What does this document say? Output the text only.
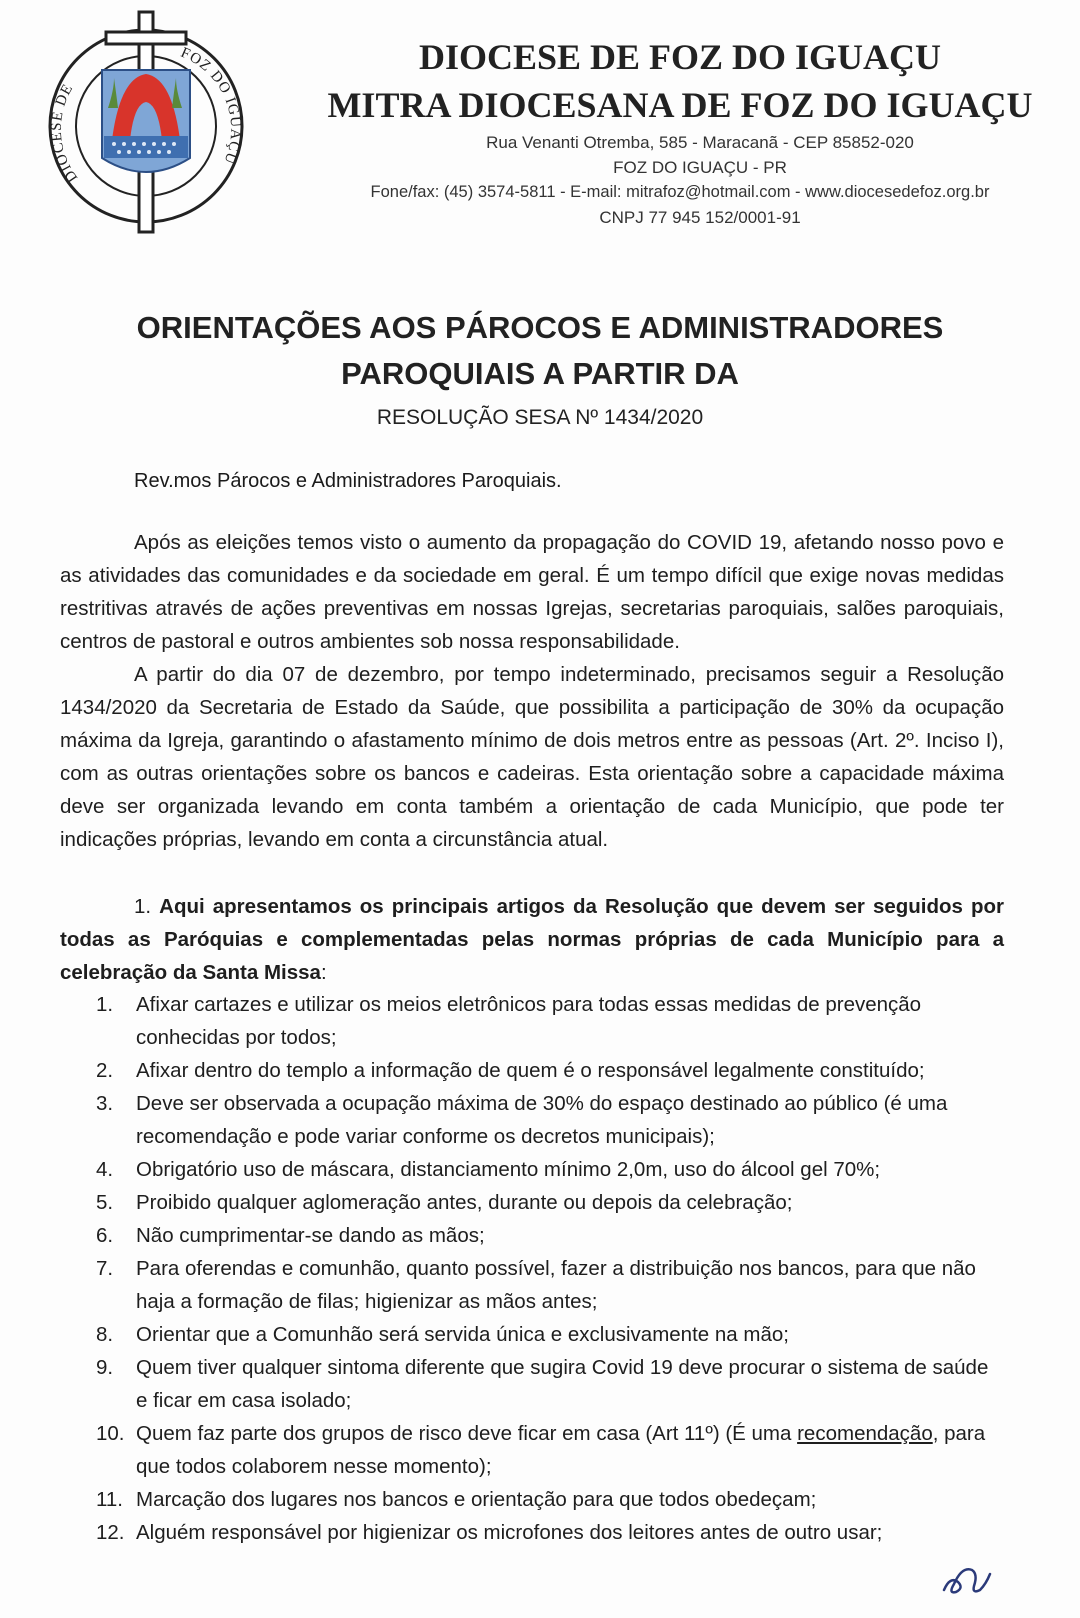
DIOCESE DE
FOZ DO IGUAÇU
DIOCESE DE FOZ DO IGUAÇU
MITRA DIOCESANA DE FOZ DO IGUAÇU
Rua Venanti Otremba, 585 - Maracanã - CEP 85852-020
FOZ DO IGUAÇU - PR
Fone/fax: (45) 3574-5811 - E-mail: mitrafoz@hotmail.com - www.diocesedefoz.org.br
CNPJ 77 945 152/0001-91
ORIENTAÇÕES AOS PÁROCOS E ADMINISTRADORES
PAROQUIAIS A PARTIR DA
RESOLUÇÃO SESA Nº 1434/2020
Rev.mos Párocos e Administradores Paroquiais.
Após as eleições temos visto o aumento da propagação do COVID 19, afetando nosso povo e as atividades das comunidades e da sociedade em geral. É um tempo difícil que exige novas medidas restritivas através de ações preventivas em nossas Igrejas, secretarias paroquiais, salões paroquiais, centros de pastoral e outros ambientes sob nossa responsabilidade.
A partir do dia 07 de dezembro, por tempo indeterminado, precisamos seguir a Resolução 1434/2020 da Secretaria de Estado da Saúde, que possibilita a participação de 30% da ocupação máxima da Igreja, garantindo o afastamento mínimo de dois metros entre as pessoas (Art. 2º. Inciso I), com as outras orientações sobre os bancos e cadeiras. Esta orientação sobre a capacidade máxima deve ser organizada levando em conta também a orientação de cada Município, que pode ter indicações próprias, levando em conta a circunstância atual.
1. Aqui apresentamos os principais artigos da Resolução que devem ser seguidos por todas as Paróquias e complementadas pelas normas próprias de cada Município para a celebração da Santa Missa:
1.	Afixar cartazes e utilizar os meios eletrônicos para todas essas medidas de prevenção conhecidas por todos;
2.	Afixar dentro do templo a informação de quem é o responsável legalmente constituído;
3.	Deve ser observada a ocupação máxima de 30% do espaço destinado ao público (é uma recomendação e pode variar conforme os decretos municipais);
4.	Obrigatório uso de máscara, distanciamento mínimo 2,0m, uso do álcool gel 70%;
5.	Proibido qualquer aglomeração antes, durante ou depois da celebração;
6.	Não cumprimentar-se dando as mãos;
7.	Para oferendas e comunhão, quanto possível, fazer a distribuição nos bancos, para que não haja a formação de filas; higienizar as mãos antes;
8.	Orientar que a Comunhão será servida única e exclusivamente na mão;
9.	Quem tiver qualquer sintoma diferente que sugira Covid 19 deve procurar o sistema de saúde e ficar em casa isolado;
10. Quem faz parte dos grupos de risco deve ficar em casa (Art 11º) (É uma recomendação, para que todos colaborem nesse momento);
11. Marcação dos lugares nos bancos e orientação para que todos obedeçam;
12. Alguém responsável por higienizar os microfones dos leitores antes de outro usar;
